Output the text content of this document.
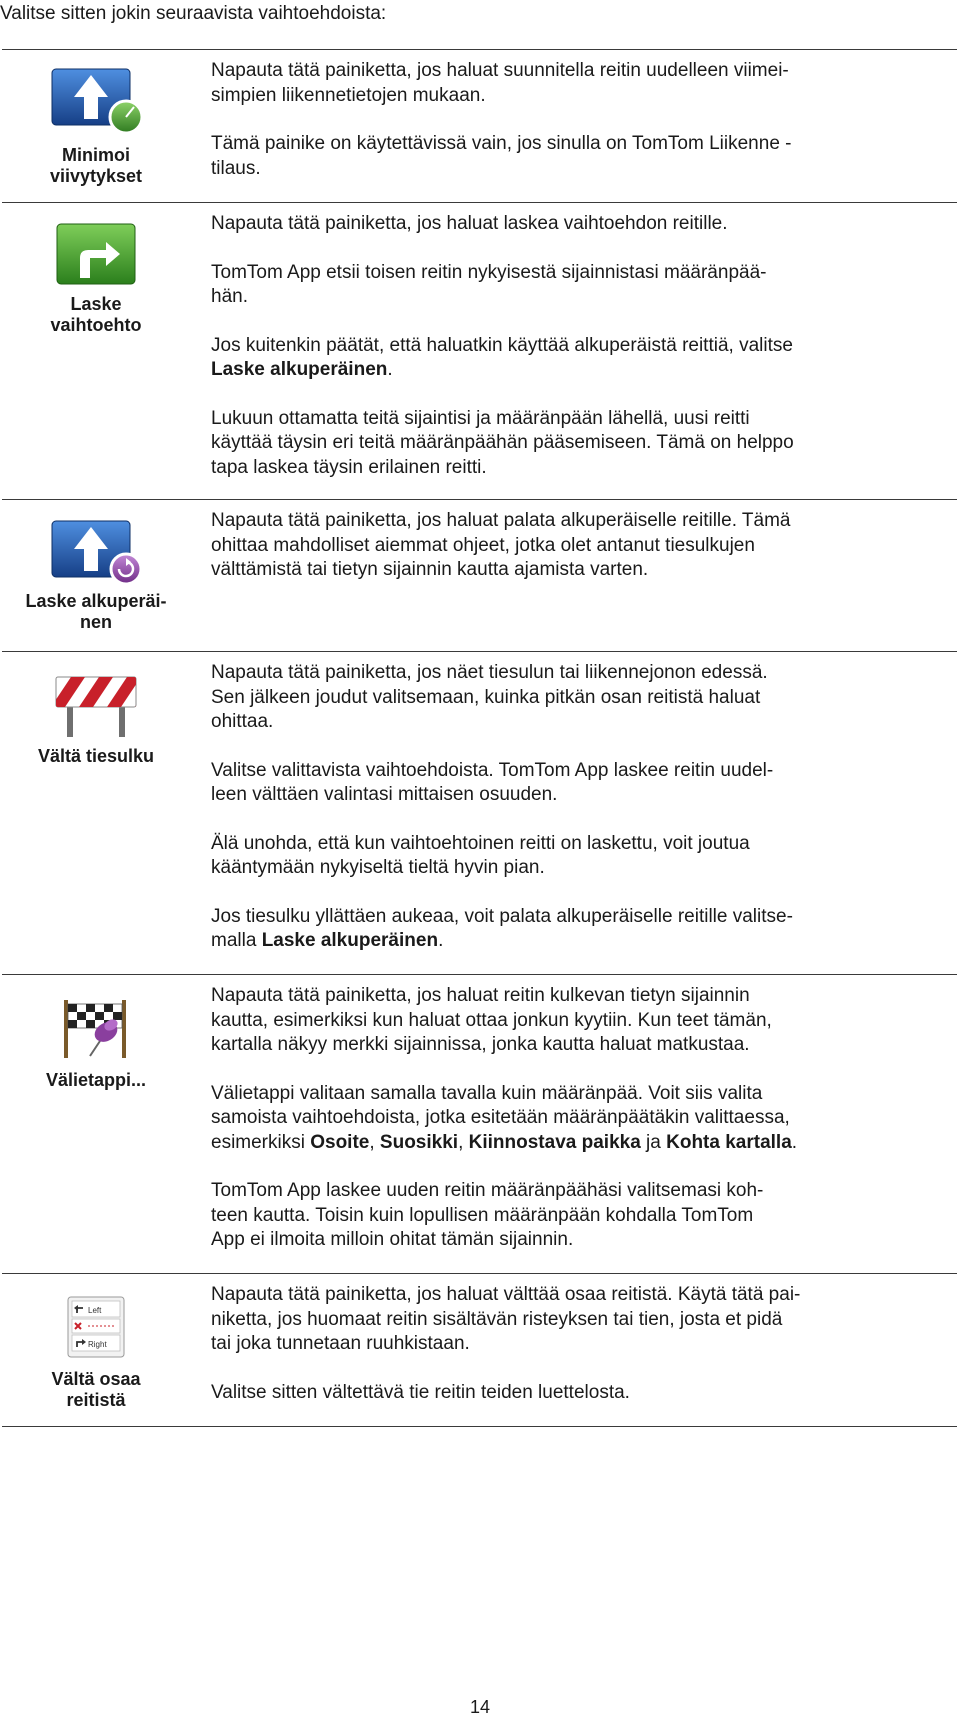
Valitse sitten jokin seuraavista vaihtoehdoista:
Minimoi
viivytykset

Napauta tätä painiketta, jos haluat suunnitella reitin uudelleen viimei-
simpien liikennetietojen mukaan.

Tämä painike on käytettävissä vain, jos sinulla on TomTom Liikenne -
tilaus.

Laske
vaihtoehto

Napauta tätä painiketta, jos haluat laskea vaihtoehdon reitille.

TomTom App etsii toisen reitin nykyisestä sijainnistasi määränpää-
hän.

Jos kuitenkin päätät, että haluatkin käyttää alkuperäistä reittiä, valitse
Laske alkuperäinen.

Lukuun ottamatta teitä sijaintisi ja määränpään lähellä, uusi reitti
käyttää täysin eri teitä määränpäähän pääsemiseen. Tämä on helppo
tapa laskea täysin erilainen reitti.

Laske alkuperäi-
nen

Napauta tätä painiketta, jos haluat palata alkuperäiselle reitille. Tämä
ohittaa mahdolliset aiemmat ohjeet, jotka olet antanut tiesulkujen
välttämistä tai tietyn sijainnin kautta ajamista varten.

Vältä tiesulku

Napauta tätä painiketta, jos näet tiesulun tai liikennejonon edessä.
Sen jälkeen joudut valitsemaan, kuinka pitkän osan reitistä haluat
ohittaa.

Valitse valittavista vaihtoehdoista. TomTom App laskee reitin uudel-
leen välttäen valintasi mittaisen osuuden.

Älä unohda, että kun vaihtoehtoinen reitti on laskettu, voit joutua
kääntymään nykyiseltä tieltä hyvin pian.

Jos tiesulku yllättäen aukeaa, voit palata alkuperäiselle reitille valitse-
malla Laske alkuperäinen.

Välietappi...

Napauta tätä painiketta, jos haluat reitin kulkevan tietyn sijainnin
kautta, esimerkiksi kun haluat ottaa jonkun kyytiin. Kun teet tämän,
kartalla näkyy merkki sijainnissa, jonka kautta haluat matkustaa.

Välietappi valitaan samalla tavalla kuin määränpää. Voit siis valita
samoista vaihtoehdoista, jotka esitetään määränpäätäkin valittaessa,
esimerkiksi Osoite, Suosikki, Kiinnostava paikka ja Kohta kartalla.

TomTom App laskee uuden reitin määränpäähäsi valitsemasi koh-
teen kautta. Toisin kuin lopullisen määränpään kohdalla TomTom
App ei ilmoita milloin ohitat tämän sijainnin.

Left
Right
Vältä osaa
reitistä

Napauta tätä painiketta, jos haluat välttää osaa reitistä. Käytä tätä pai-
niketta, jos huomaat reitin sisältävän risteyksen tai tien, josta et pidä
tai joka tunnetaan ruuhkistaan.

Valitse sitten vältettävä tie reitin teiden luettelosta.

14
